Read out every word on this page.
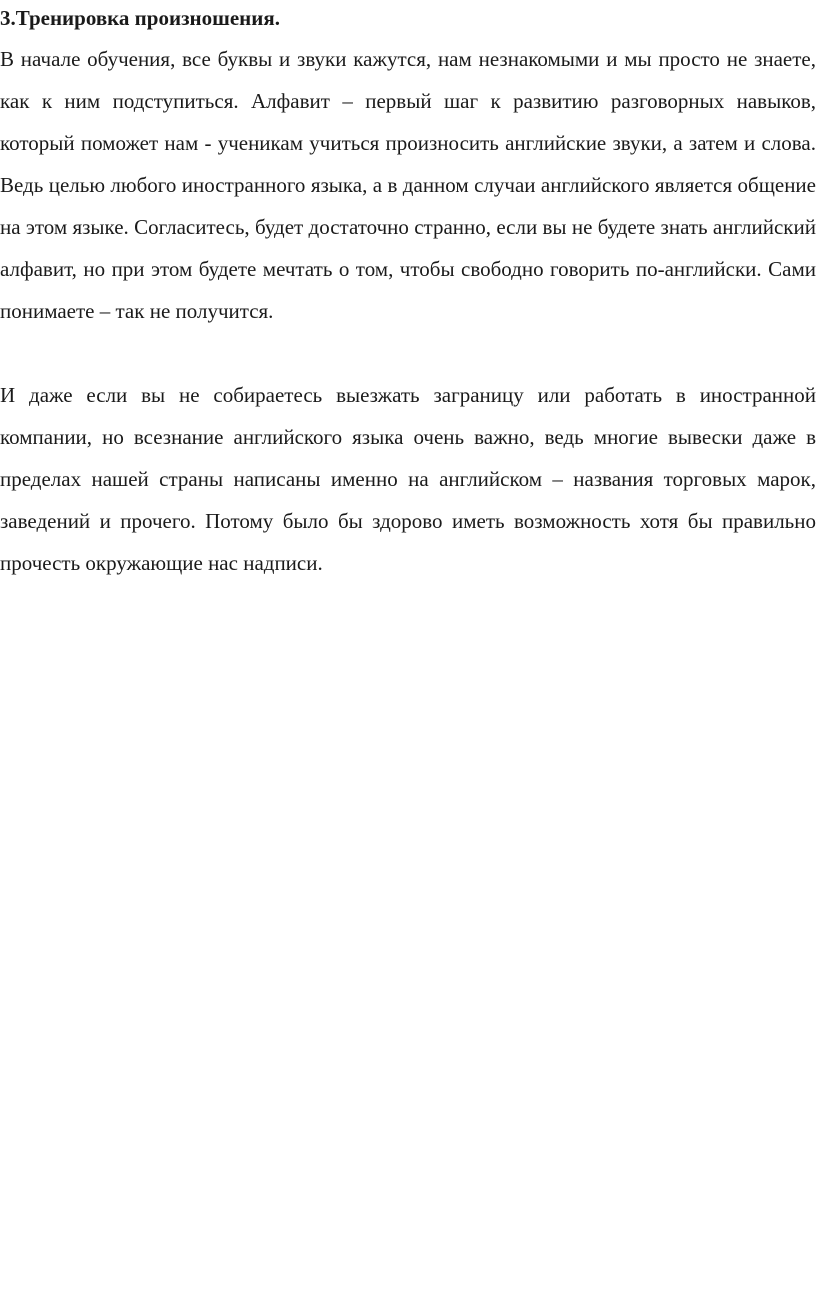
3.Тренировка произношения.

В начале обучения, все буквы и звуки кажутся, нам незнакомыми и мы просто не знаете, как к ним подступиться. Алфавит – первый шаг к развитию разговорных навыков, который поможет нам - ученикам учиться произносить английские звуки, а затем и слова. Ведь целью любого иностранного языка, а в данном случаи английского является общение на этом языке. Согласитесь, будет достаточно странно, если вы не будете знать английский алфавит, но при этом будете мечтать о том, чтобы свободно говорить по-английски. Сами понимаете – так не получится.

И даже если вы не собираетесь выезжать заграницу или работать в иностранной компании, но всезнание английского языка очень важно, ведь многие вывески даже в пределах нашей страны написаны именно на английском – названия торговых марок, заведений и прочего. Потому было бы здорово иметь возможность хотя бы правильно прочесть окружающие нас надписи.
